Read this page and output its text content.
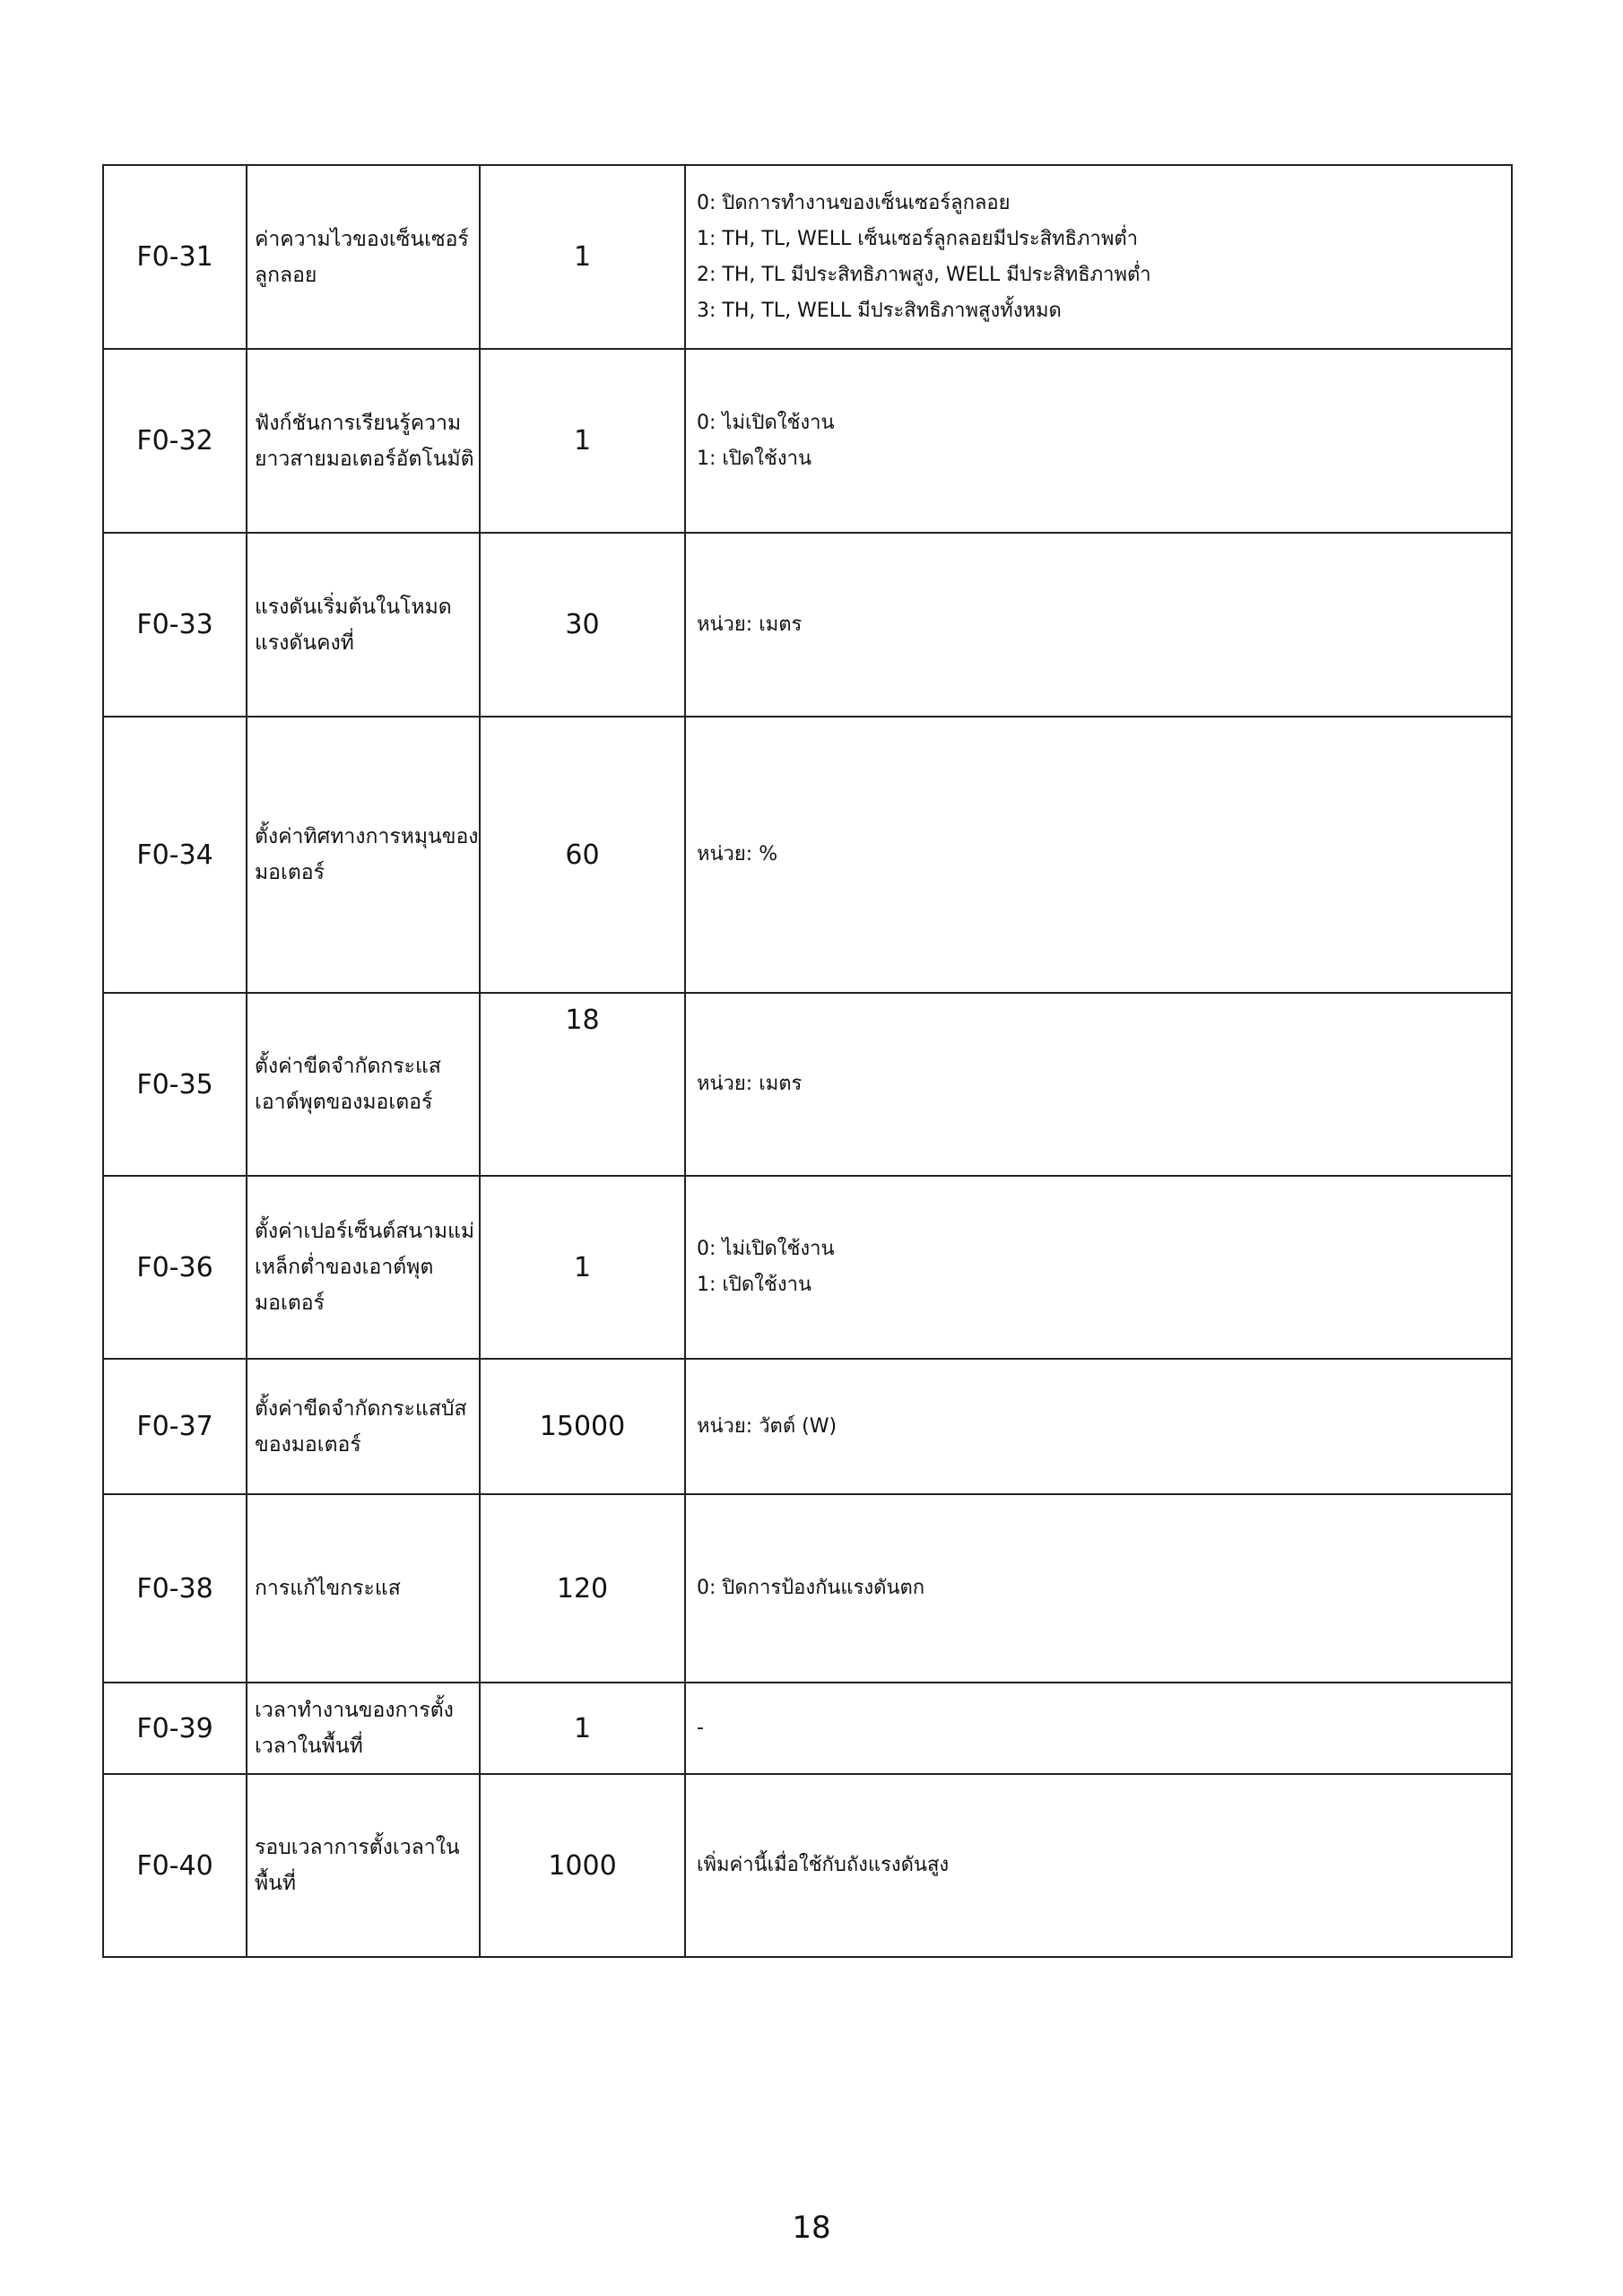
F0-31	ค่าความไวของเซ็นเซอร์ลูกลอย	1	0: ปิดการทำงานของเซ็นเซอร์ลูกลอย
1: TH, TL, WELL เซ็นเซอร์ลูกลอยมีประสิทธิภาพต่ำ
2: TH, TL มีประสิทธิภาพสูง, WELL มีประสิทธิภาพต่ำ
3: TH, TL, WELL มีประสิทธิภาพสูงทั้งหมด

F0-32	ฟังก์ชันการเรียนรู้ความยาวสายมอเตอร์อัตโนมัติ	1	0: ไม่เปิดใช้งาน
1: เปิดใช้งาน

F0-33	แรงดันเริ่มต้นในโหมดแรงดันคงที่	30	หน่วย: เมตร

F0-34	ตั้งค่าทิศทางการหมุนของมอเตอร์	60	หน่วย: %

F0-35	ตั้งค่าขีดจำกัดกระแสเอาต์พุตของมอเตอร์	18	หน่วย: เมตร

F0-36	ตั้งค่าเปอร์เซ็นต์สนามแม่เหล็กต่ำของเอาต์พุตมอเตอร์	1	0: ไม่เปิดใช้งาน
1: เปิดใช้งาน

F0-37	ตั้งค่าขีดจำกัดกระแสบัสของมอเตอร์	15000	หน่วย: วัตต์ (W)

F0-38	การแก้ไขกระแส	120	0: ปิดการป้องกันแรงดันตก

F0-39	เวลาทำงานของการตั้งเวลาในพื้นที่	1	-

F0-40	รอบเวลาการตั้งเวลาในพื้นที่	1000	เพิ่มค่านี้เมื่อใช้กับถังแรงดันสูง
18
